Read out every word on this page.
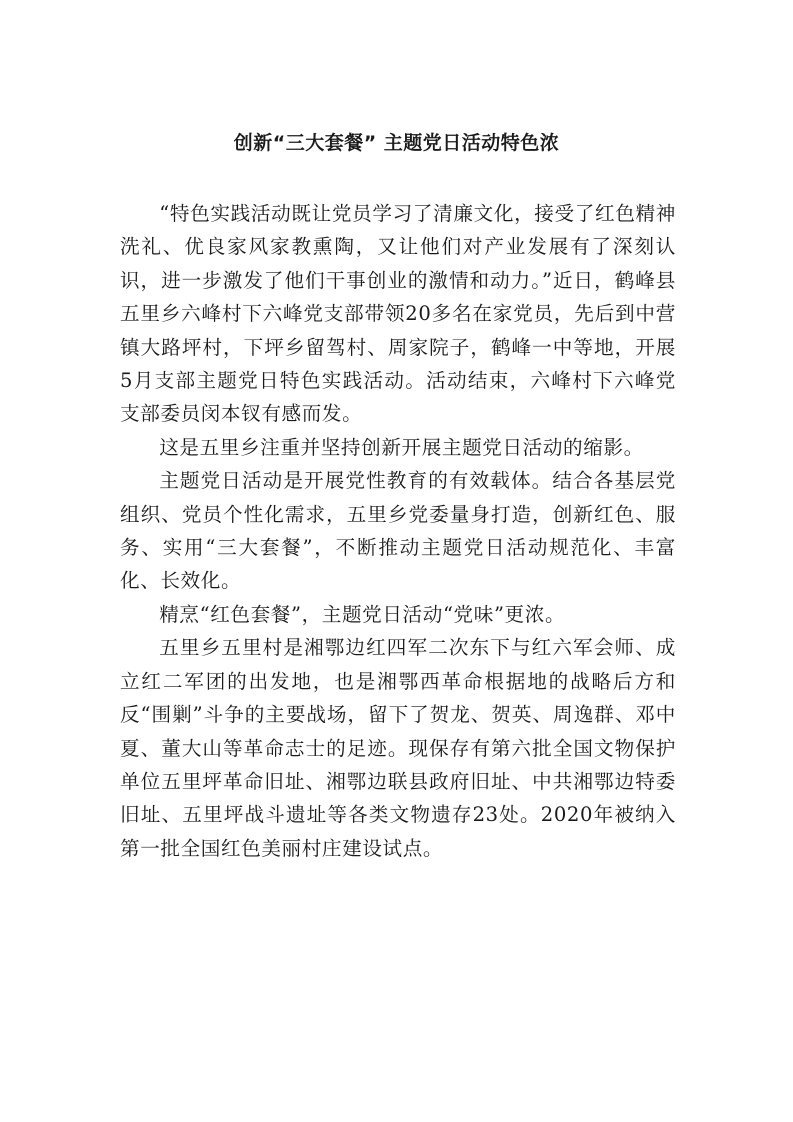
创新“三大套餐” 主题党日活动特色浓

“特色实践活动既让党员学习了清廉文化，接受了红色精神洗礼、优良家风家教熏陶，又让他们对产业发展有了深刻认识，进一步激发了他们干事创业的激情和动力。”近日，鹤峰县五里乡六峰村下六峰党支部带领20多名在家党员，先后到中营镇大路坪村，下坪乡留驾村、周家院子，鹤峰一中等地，开展5月支部主题党日特色实践活动。活动结束，六峰村下六峰党支部委员闵本钗有感而发。

这是五里乡注重并坚持创新开展主题党日活动的缩影。

主题党日活动是开展党性教育的有效载体。结合各基层党组织、党员个性化需求，五里乡党委量身打造，创新红色、服务、实用“三大套餐”，不断推动主题党日活动规范化、丰富化、长效化。

精烹“红色套餐”，主题党日活动“党味”更浓。

五里乡五里村是湘鄂边红四军二次东下与红六军会师、成立红二军团的出发地，也是湘鄂西革命根据地的战略后方和反“围剿”斗争的主要战场，留下了贺龙、贺英、周逸群、邓中夏、董大山等革命志士的足迹。现保存有第六批全国文物保护单位五里坪革命旧址、湘鄂边联县政府旧址、中共湘鄂边特委旧址、五里坪战斗遗址等各类文物遗存23处。2020年被纳入第一批全国红色美丽村庄建设试点。
